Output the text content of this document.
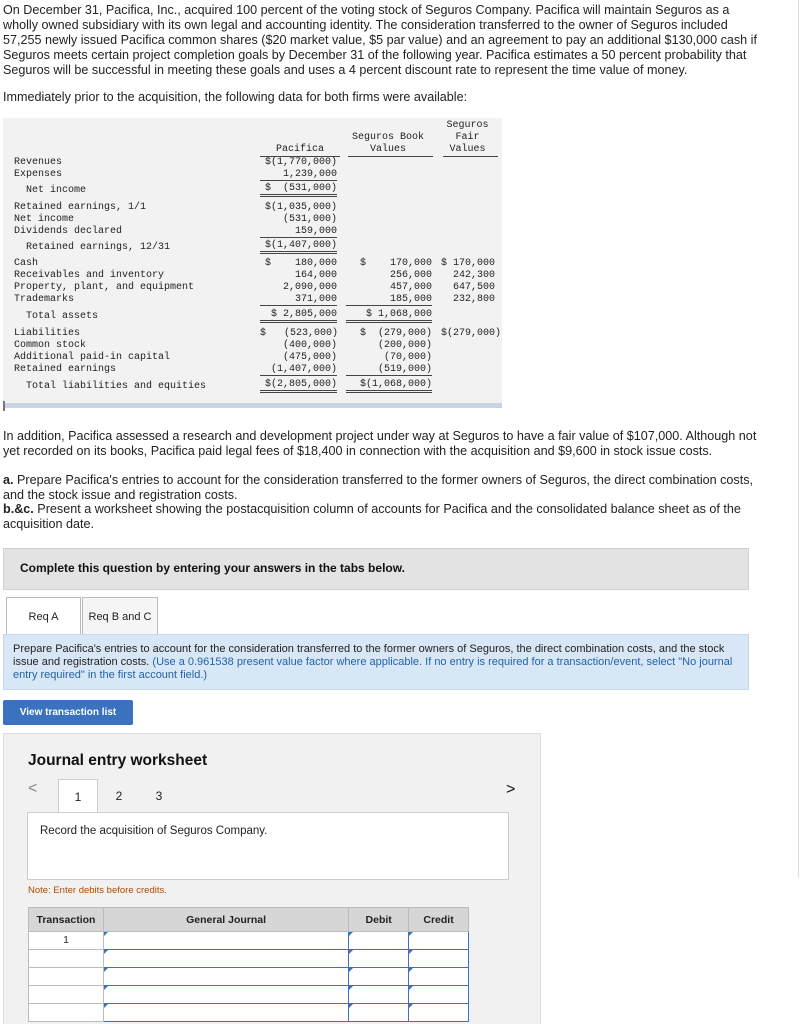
On December 31, Pacifica, Inc., acquired 100 percent of the voting stock of Seguros Company. Pacifica will maintain Seguros as a wholly owned subsidiary with its own legal and accounting identity. The consideration transferred to the owner of Seguros included 57,255 newly issued Pacifica common shares ($20 market value, $5 par value) and an agreement to pay an additional $130,000 cash if Seguros meets certain project completion goals by December 31 of the following year. Pacifica estimates a 50 percent probability that Seguros will be successful in meeting these goals and uses a 4 percent discount rate to represent the time value of money.
Immediately prior to the acquisition, the following data for both firms were available:
Pacifica
Seguros Book
Values
Seguros
Fair
Values
Revenues	$(1,770,000)
Expenses	1,239,000
Net income	$  (531,000)
Retained earnings, 1/1	$(1,035,000)
Net income	(531,000)
Dividends declared	159,000
Retained earnings, 12/31	$(1,407,000)
Cash	$    180,000	$    170,000 $ 170,000
Receivables and inventory	164,000	256,000	242,300
Property, plant, and equipment	2,090,000	457,000	647,500
Trademarks	371,000	185,000	232,800
Total assets	$ 2,805,000	$ 1,068,000
Liabilities	$   (523,000)	$  (279,000) $(279,000)
Common stock	(400,000)	(200,000)
Additional paid-in capital	(475,000)	(70,000)
Retained earnings	(1,407,000)	(519,000)
Total liabilities and equities	$(2,805,000)	$(1,068,000)
In addition, Pacifica assessed a research and development project under way at Seguros to have a fair value of $107,000. Although not yet recorded on its books, Pacifica paid legal fees of $18,400 in connection with the acquisition and $9,600 in stock issue costs.
a. Prepare Pacifica's entries to account for the consideration transferred to the former owners of Seguros, the direct combination costs, and the stock issue and registration costs.
b.&c. Present a worksheet showing the postacquisition column of accounts for Pacifica and the consolidated balance sheet as of the acquisition date.
Complete this question by entering your answers in the tabs below.
Req A	Req B and C
Prepare Pacifica's entries to account for the consideration transferred to the former owners of Seguros, the direct combination costs, and the stock issue and registration costs. (Use a 0.961538 present value factor where applicable. If no entry is required for a transaction/event, select "No journal entry required" in the first account field.)
View transaction list
Journal entry worksheet
<	1	2	3
Record the acquisition of Seguros Company.
Note: Enter debits before credits.
Transaction	General Journal	Debit	Credit
1			

>
